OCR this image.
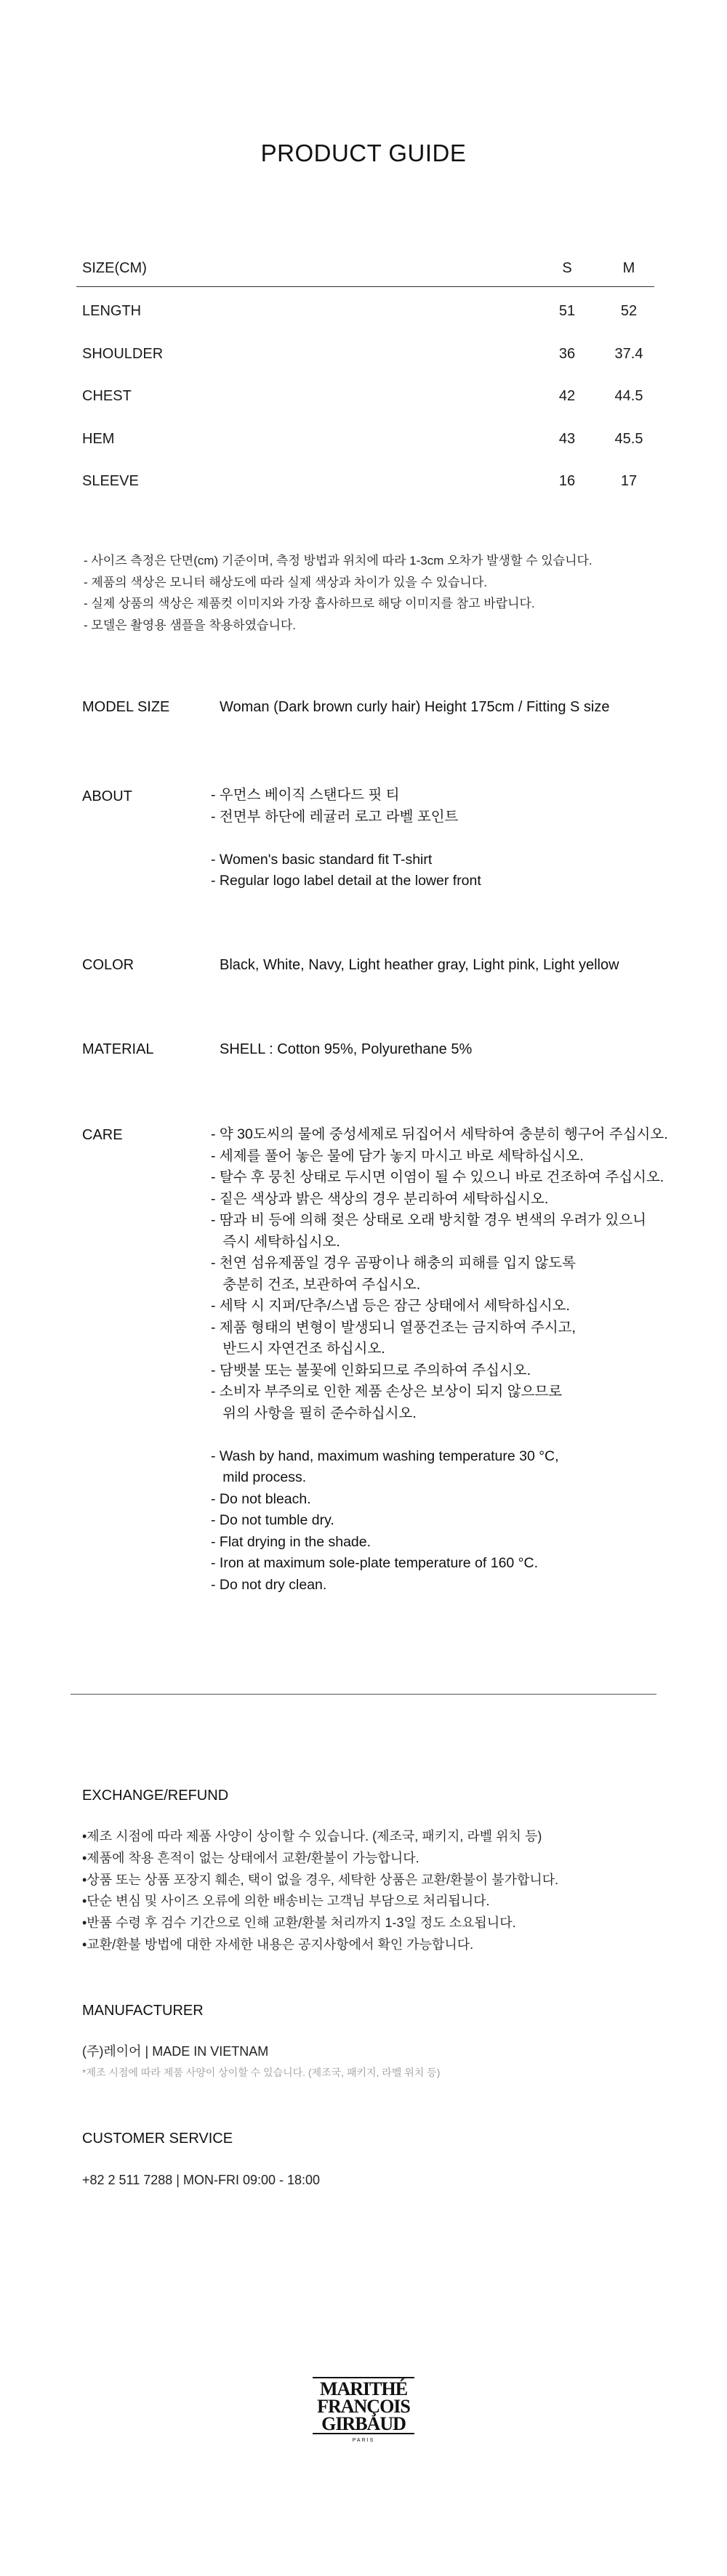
PRODUCT GUIDE
SIZE(CM)	S	M
LENGTH	51	52
SHOULDER	36	37.4
CHEST	42	44.5
HEM	43	45.5
SLEEVE	16	17
- 사이즈 측정은 단면(cm) 기준이며, 측정 방법과 위치에 따라 1-3cm 오차가 발생할 수 있습니다.
- 제품의 색상은 모니터 해상도에 따라 실제 색상과 차이가 있을 수 있습니다.
- 실제 상품의 색상은 제품컷 이미지와 가장 흡사하므로 해당 이미지를 참고 바랍니다.
- 모델은 촬영용 샘플을 착용하였습니다.
MODEL SIZE	Woman (Dark brown curly hair) Height 175cm / Fitting S size
ABOUT	- 우먼스 베이직 스탠다드 핏 티
- 전면부 하단에 레귤러 로고 라벨 포인트
- Women's basic standard fit T-shirt
- Regular logo label detail at the lower front
COLOR	Black, White, Navy, Light heather gray, Light pink, Light yellow
MATERIAL	SHELL : Cotton 95%, Polyurethane 5%
CARE	- 약 30도씨의 물에 중성세제로 뒤집어서 세탁하여 충분히 헹구어 주십시오.
- 세제를 풀어 놓은 물에 담가 놓지 마시고 바로 세탁하십시오.
- 탈수 후 뭉친 상태로 두시면 이염이 될 수 있으니 바로 건조하여 주십시오.
- 짙은 색상과 밝은 색상의 경우 분리하여 세탁하십시오.
- 땀과 비 등에 의해 젖은 상태로 오래 방치할 경우 변색의 우려가 있으니
즉시 세탁하십시오.
- 천연 섬유제품일 경우 곰팡이나 해충의 피해를 입지 않도록
충분히 건조, 보관하여 주십시오.
- 세탁 시 지퍼/단추/스냅 등은 잠근 상태에서 세탁하십시오.
- 제품 형태의 변형이 발생되니 열풍건조는 금지하여 주시고,
반드시 자연건조 하십시오.
- 담뱃불 또는 불꽃에 인화되므로 주의하여 주십시오.
- 소비자 부주의로 인한 제품 손상은 보상이 되지 않으므로
위의 사항을 필히 준수하십시오.
- Wash by hand, maximum washing temperature 30 °C,
mild process.
- Do not bleach.
- Do not tumble dry.
- Flat drying in the shade.
- Iron at maximum sole-plate temperature of 160 °C.
- Do not dry clean.
EXCHANGE/REFUND
•제조 시점에 따라 제품 사양이 상이할 수 있습니다. (제조국, 패키지, 라벨 위치 등)
•제품에 착용 흔적이 없는 상태에서 교환/환불이 가능합니다.
•상품 또는 상품 포장지 훼손, 택이 없을 경우, 세탁한 상품은 교환/환불이 불가합니다.
•단순 변심 및 사이즈 오류에 의한 배송비는 고객님 부담으로 처리됩니다.
•반품 수령 후 검수 기간으로 인해 교환/환불 처리까지 1-3일 정도 소요됩니다.
•교환/환불 방법에 대한 자세한 내용은 공지사항에서 확인 가능합니다.
MANUFACTURER
(주)레이어 | MADE IN VIETNAM
*제조 시점에 따라 제품 사양이 상이할 수 있습니다. (제조국, 패키지, 라벨 위치 등)
CUSTOMER SERVICE
+82 2 511 7288 | MON-FRI 09:00 - 18:00
MARITHÉ
FRANÇOIS
GIRBAUD
PARIS
